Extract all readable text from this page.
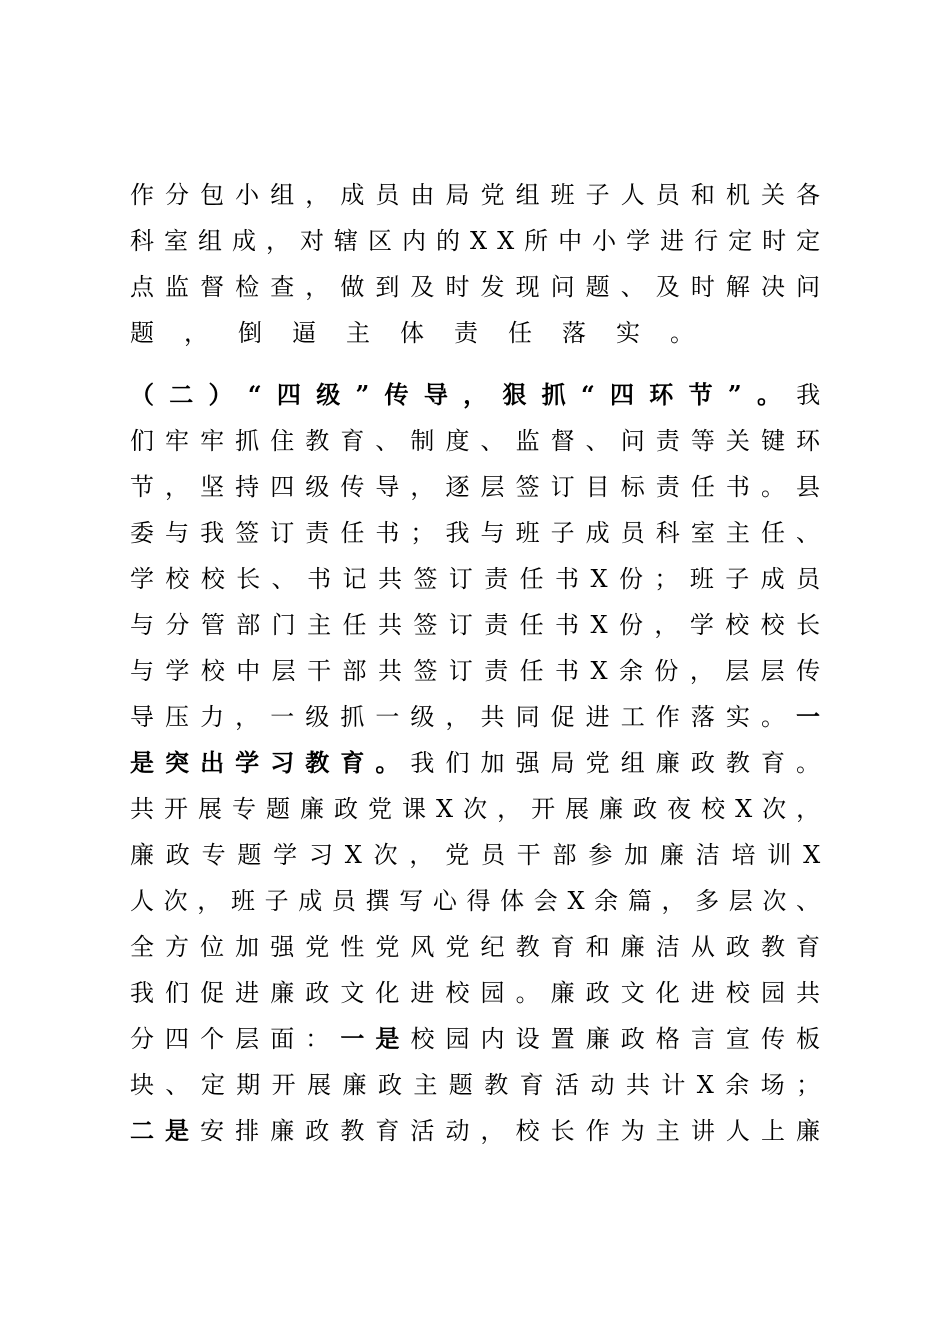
作分包小组，成员由局党组班子人员和机关各
科室组成，对辖区内的XX所中小学进行定时定
点监督检查，做到及时发现问题、及时解决问
题，倒逼主体责任落实。
（二）“四级”传导，狠抓“四环节”。我
们牢牢抓住教育、制度、监督、问责等关键环
节，坚持四级传导，逐层签订目标责任书。县
委与我签订责任书；我与班子成员科室主任、
学校校长、书记共签订责任书X份；班子成员
与分管部门主任共签订责任书X份，学校校长
与学校中层干部共签订责任书X余份，层层传
导压力，一级抓一级，共同促进工作落实。一
是突出学习教育。我们加强局党组廉政教育。
共开展专题廉政党课X次，开展廉政夜校X次，
廉政专题学习X次，党员干部参加廉洁培训X
人次，班子成员撰写心得体会X余篇，多层次、
全方位加强党性党风党纪教育和廉洁从政教育
我们促进廉政文化进校园。廉政文化进校园共
分四个层面：一是校园内设置廉政格言宣传板
块、定期开展廉政主题教育活动共计X余场；
二是安排廉政教育活动，校长作为主讲人上廉
